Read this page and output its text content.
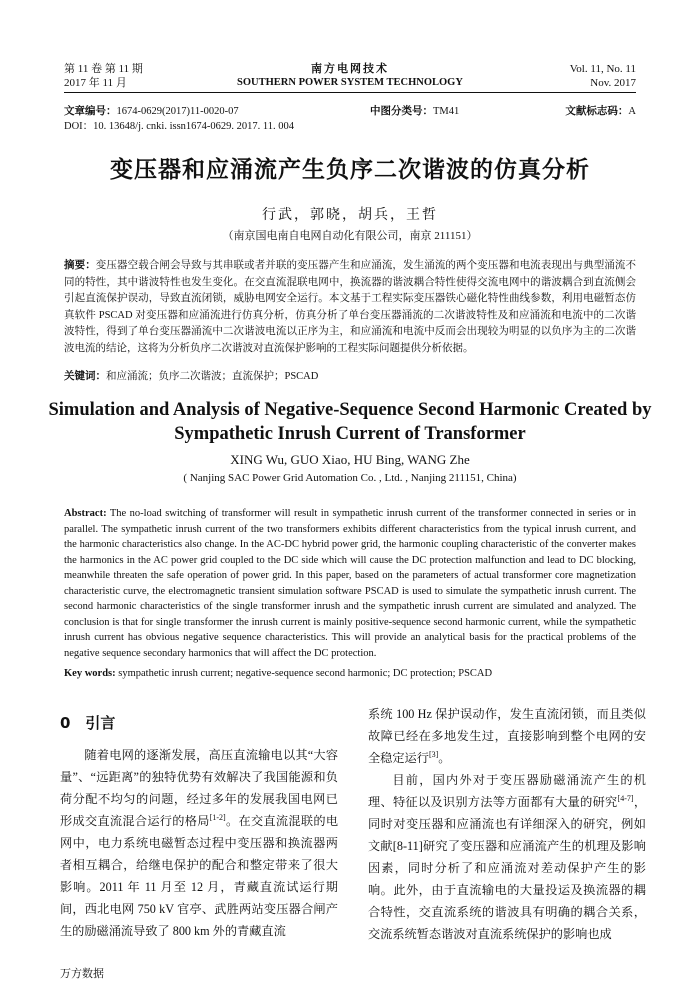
第 11 卷 第 11 期
2017 年 11 月
南方电网技术
SOUTHERN POWER SYSTEM TECHNOLOGY
Vol. 11, No. 11
Nov. 2017
文章编号：1674-0629(2017)11-0020-07	中图分类号：TM41	文献标志码：A
DOI：10. 13648/j. cnki. issn1674-0629. 2017. 11. 004
变压器和应涌流产生负序二次谐波的仿真分析
行武，郭晓，胡兵，王哲
（南京国电南自电网自动化有限公司，南京 211151）
摘要：变压器空载合闸会导致与其串联或者并联的变压器产生和应涌流，发生涌流的两个变压器和电流表现出与典型涌流不同的特性，其中谐波特性也发生变化。在交直流混联电网中，换流器的谐波耦合特性使得交流电网中的谐波耦合到直流侧会引起直流保护误动，导致直流闭锁，威胁电网安全运行。本文基于工程实际变压器铁心磁化特性曲线参数，利用电磁暂态仿真软件 PSCAD 对变压器和应涌流进行仿真分析，仿真分析了单台变压器涌流的二次谐波特性及和应涌流和电流中的二次谐波特性，得到了单台变压器涌流中二次谐波电流以正序为主，和应涌流和电流中反而会出现较为明显的以负序为主的二次谐波电流的结论，这将为分析负序二次谐波对直流保护影响的工程实际问题提供分析依据。
关键词：和应涌流；负序二次谐波；直流保护；PSCAD
Simulation and Analysis of Negative-Sequence Second Harmonic Created by Sympathetic Inrush Current of Transformer
XING Wu, GUO Xiao, HU Bing, WANG Zhe
( Nanjing SAC Power Grid Automation Co. , Ltd. , Nanjing 211151, China)
Abstract: The no-load switching of transformer will result in sympathetic inrush current of the transformer connected in series or in parallel. The sympathetic inrush current of the two transformers exhibits different characteristics from the typical inrush current, and the harmonic characteristics also change. In the AC-DC hybrid power grid, the harmonic coupling characteristic of the converter makes the harmonics in the AC power grid coupled to the DC side which will cause the DC protection malfunction and lead to DC blocking, meanwhile threaten the safe operation of power grid. In this paper, based on the parameters of actual transformer core magnetization characteristic curve, the electromagnetic transient simulation software PSCAD is used to simulate the sympathetic inrush current. The second harmonic characteristics of the single transformer inrush and the sympathetic inrush current are simulated and analyzed. The conclusion is that for single transformer the inrush current is mainly positive-sequence second harmonic current, while the sympathetic inrush current has obvious negative sequence characteristics. This will provide an analytical basis for the practical problems of the negative sequence secondary harmonics that will affect the DC protection.
Key words: sympathetic inrush current; negative-sequence second harmonic; DC protection; PSCAD
0　引言

随着电网的逐渐发展，高压直流输电以其“大容量”、“远距离”的独特优势有效解决了我国能源和负荷分配不均匀的问题，经过多年的发展我国电网已形成交直流混合运行的格局[1-2]。在交直流混联的电网中，电力系统电磁暂态过程中变压器和换流器两者相互耦合，给继电保护的配合和整定带来了很大影响。2011 年 11 月至 12 月，青藏直流试运行期间，西北电网 750 kV 官亭、武胜两站变压器合闸产生的励磁涌流导致了 800 km 外的青藏直流

系统 100 Hz 保护误动作，发生直流闭锁，而且类似故障已经在多地发生过，直接影响到整个电网的安全稳定运行[3]。

目前，国内外对于变压器励磁涌流产生的机理、特征以及识别方法等方面都有大量的研究[4-7]，同时对变压器和应涌流也有详细深入的研究，例如文献[8-11]研究了变压器和应涌流产生的机理及影响因素，同时分析了和应涌流对差动保护产生的影响。此外，由于直流输电的大量投运及换流器的耦合特性，交直流系统的谐波具有明确的耦合关系，交流系统暂态谐波对直流系统保护的影响也成

万方数据
